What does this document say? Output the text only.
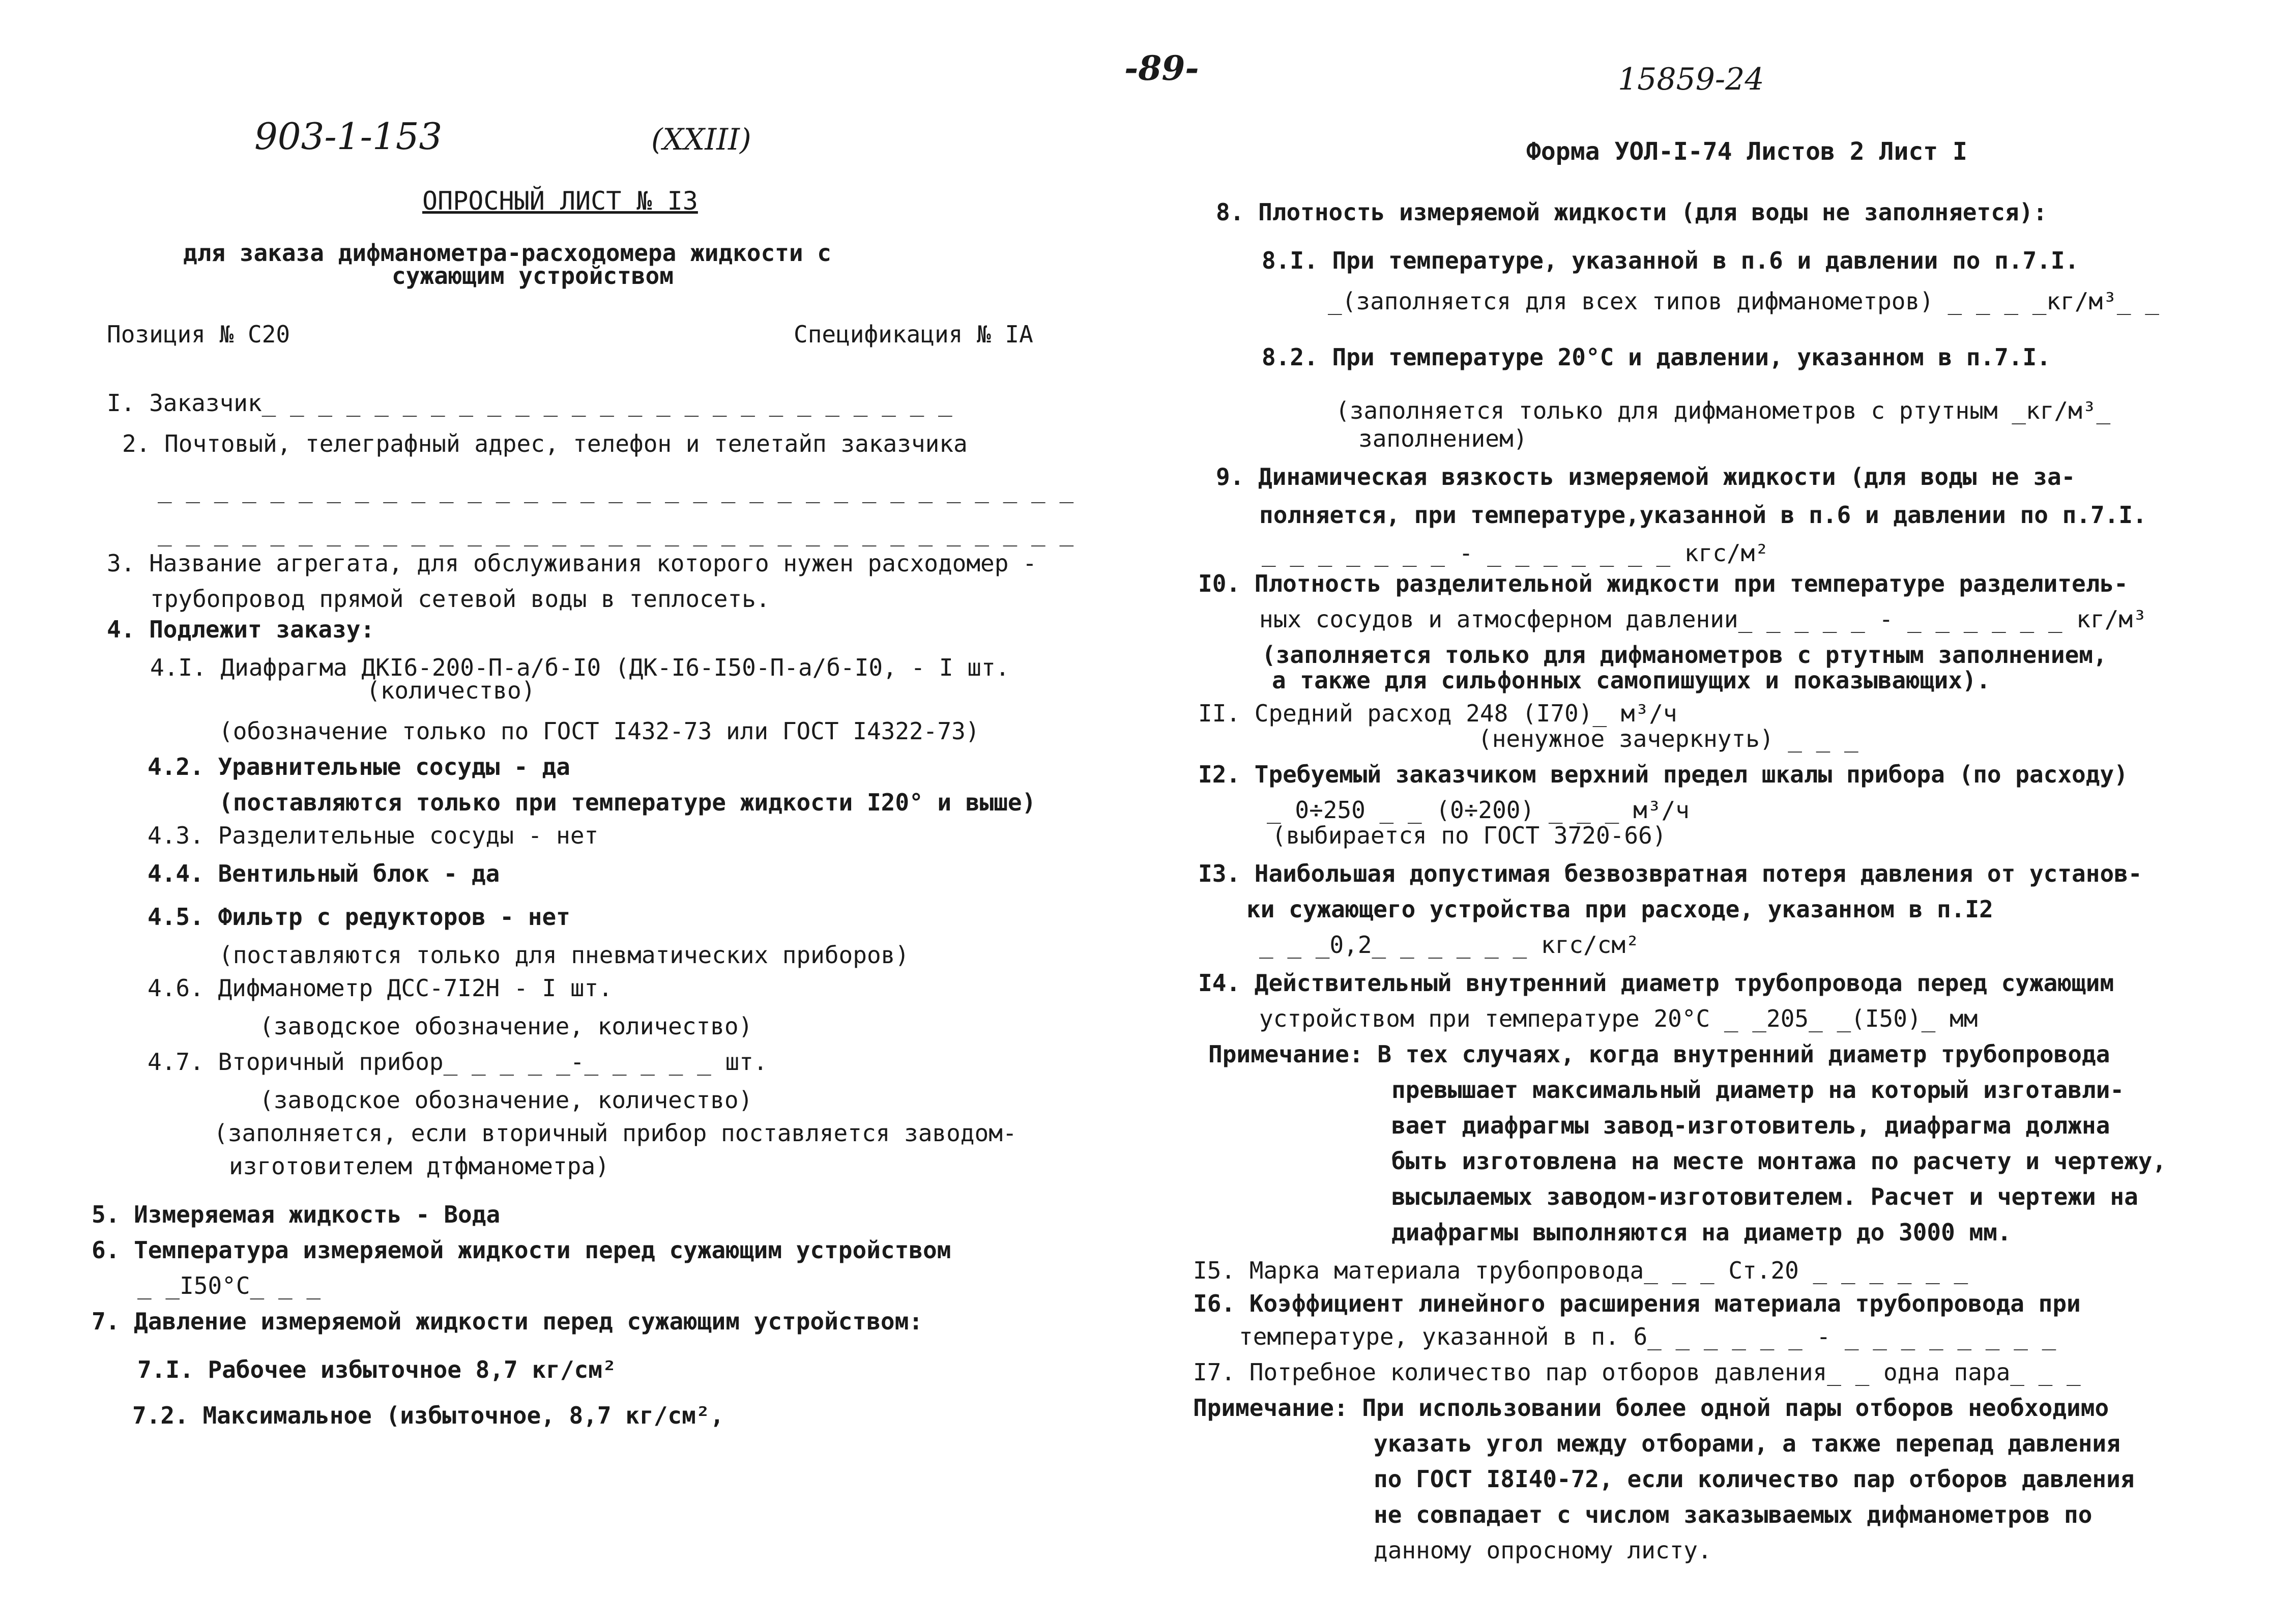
-89-	15859-24
903-1-153	(XXIII)	Форма УОЛ-I-74 Листов 2 Лист I
ОПРОСНЫЙ ЛИСТ № I3
для заказа дифманометра-расходомера жидкости с
сужающим устройством
Позиция № С20	Спецификация № IA
I. Заказчик_ _ _ _ _ _ _ _ _ _ _ _ _ _ _ _ _ _ _ _ _ _ _ _ _
2. Почтовый, телеграфный адрес, телефон и телетайп заказчика
_ _ _ _ _ _ _ _ _ _ _ _ _ _ _ _ _ _ _ _ _ _ _ _ _ _ _ _ _ _ _ _ _
_ _ _ _ _ _ _ _ _ _ _ _ _ _ _ _ _ _ _ _ _ _ _ _ _ _ _ _ _ _ _ _ _
3. Название агрегата, для обслуживания которого нужен расходомер -
трубопровод прямой сетевой воды в теплосеть.
4. Подлежит заказу:
4.I. Диафрагма ДКI6-200-П-а/б-I0 (ДК-I6-I50-П-а/б-I0, - I шт.
(количество)
(обозначение только по ГОСТ I432-73 или ГОСТ I4322-73)
4.2. Уравнительные сосуды - да
(поставляются только при температуре жидкости I20° и выше)
4.3. Разделительные сосуды - нет
4.4. Вентильный блок - да
4.5. Фильтр с редукторов - нет
(поставляются только для пневматических приборов)
4.6. Дифманометр ДСС-7I2Н - I шт.
(заводское обозначение, количество)
4.7. Вторичный прибор_ _ _ _ _-_ _ _ _ _ шт.
(заводское обозначение, количество)
(заполняется, если вторичный прибор поставляется заводом-
изготовителем дтфманометра)
5. Измеряемая жидкость - Вода
6. Температура измеряемой жидкости перед сужающим устройством
_ _I50°С_ _ _
7. Давление измеряемой жидкости перед сужающим устройством:
7.I. Рабочее избыточное 8,7 кг/см²
7.2. Максимальное (избыточное, 8,7 кг/см²,
8. Плотность измеряемой жидкости (для воды не заполняется):
8.I. При температуре, указанной в п.6 и давлении по п.7.I.
_(заполняется для всех типов дифманометров) _ _ _ _кг/м³_ _
8.2. При температуре 20°С и давлении, указанном в п.7.I.
(заполняется только для дифманометров с ртутным _кг/м³_
заполнением)
9. Динамическая вязкость измеряемой жидкости (для воды не за-
полняется, при температуре,указанной в п.6 и давлении по п.7.I.
_ _ _ _ _ _ _ - _ _ _ _ _ _ _ кгс/м²
I0. Плотность разделительной жидкости при температуре разделитель-
ных сосудов и атмосферном давлении_ _ _ _ _ - _ _ _ _ _ _ кг/м³
(заполняется только для дифманометров с ртутным заполнением,
а также для сильфонных самопишущих и показывающих).
II. Средний расход 248 (I70)_ м³/ч
(ненужное зачеркнуть) _ _ _
I2. Требуемый заказчиком верхний предел шкалы прибора (по расходу)
_ 0÷250 _ _ (0÷200) _ _ _ м³/ч
(выбирается по ГОСТ 3720-66)
I3. Наибольшая допустимая безвозвратная потеря давления от установ-
ки сужающего устройства при расходе, указанном в п.I2
_ _ _0,2_ _ _ _ _ _ кгс/см²
I4. Действительный внутренний диаметр трубопровода перед сужающим
устройством при температуре 20°С _ _205_ _(I50)_ мм
Примечание: В тех случаях, когда внутренний диаметр трубопровода
превышает максимальный диаметр на который изготавли-
вает диафрагмы завод-изготовитель, диафрагма должна
быть изготовлена на месте монтажа по расчету и чертежу,
высылаемых заводом-изготовителем. Расчет и чертежи на
диафрагмы выполняются на диаметр до 3000 мм.
I5. Марка материала трубопровода_ _ _ Ст.20 _ _ _ _ _ _
I6. Коэффициент линейного расширения материала трубопровода при
температуре, указанной в п. 6_ _ _ _ _ _ - _ _ _ _ _ _ _ _
I7. Потребное количество пар отборов давления_ _ одна пара_ _ _
Примечание: При использовании более одной пары отборов необходимо
указать угол между отборами, а также перепад давления
по ГОСТ I8I40-72, если количество пар отборов давления
не совпадает с числом заказываемых дифманометров по
данному опросному листу.
